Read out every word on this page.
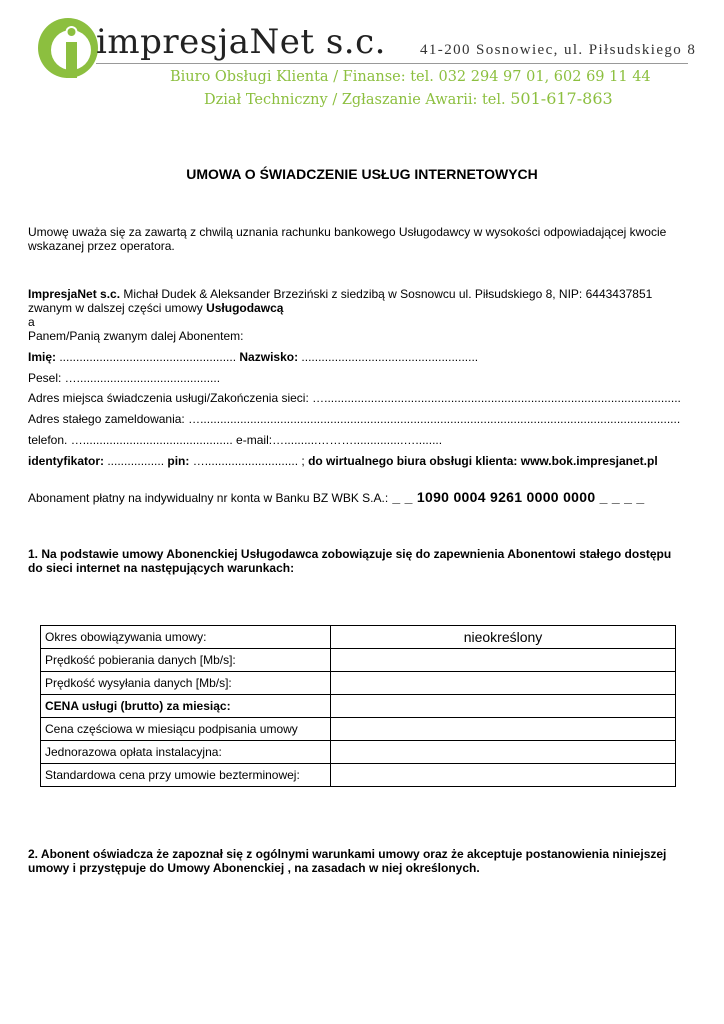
impresjaNet s.c. 41-200 Sosnowiec, ul. Piłsudskiego 8
Biuro Obsługi Klienta / Finanse: tel. 032 294 97 01, 602 69 11 44
Dział Techniczny / Zgłaszanie Awarii: tel. 501-617-863
UMOWA O ŚWIADCZENIE USŁUG INTERNETOWYCH
Umowę uważa się za zawartą z chwilą uznania rachunku bankowego Usługodawcy w wysokości odpowiadającej kwocie
wskazanej przez operatora.
ImpresjaNet s.c. Michał Dudek & Aleksander Brzeziński z siedzibą w Sosnowcu ul. Piłsudskiego 8, NIP: 6443437851
zwanym w dalszej części umowy Usługodawcą
a
Panem/Panią zwanym dalej Abonentem:
Imię: ..................................................... Nazwisko: .....................................................
Pesel: …...........................................
Adres miejsca świadczenia usługi/Zakończenia sieci: …...........................................................................................................
Adres stałego zameldowania: …................................................................................................................................................
telefon. …............................................. e-mail:…..........………...............…........
identyfikator: ................. pin: …............................ ; do wirtualnego biura obsługi klienta: www.bok.impresjanet.pl
Abonament płatny na indywidualny nr konta w Banku BZ WBK S.A.: _ _ 1090 0004 9261 0000 0000 _ _ _ _
1. Na podstawie umowy Abonenckiej Usługodawca zobowiązuje się do zapewnienia Abonentowi stałego dostępu
do sieci internet na następujących warunkach:
Okres obowiązywania umowy:	nieokreślony
Prędkość pobierania danych [Mb/s]:	
Prędkość wysyłania danych [Mb/s]:	
CENA usługi (brutto) za miesiąc:	
Cena częściowa w miesiącu podpisania umowy	
Jednorazowa opłata instalacyjna:	
Standardowa cena przy umowie bezterminowej:	
2. Abonent oświadcza że zapoznał się z ogólnymi warunkami umowy oraz że akceptuje postanowienia niniejszej
umowy i przystępuje do Umowy Abonenckiej , na zasadach w niej określonych.
